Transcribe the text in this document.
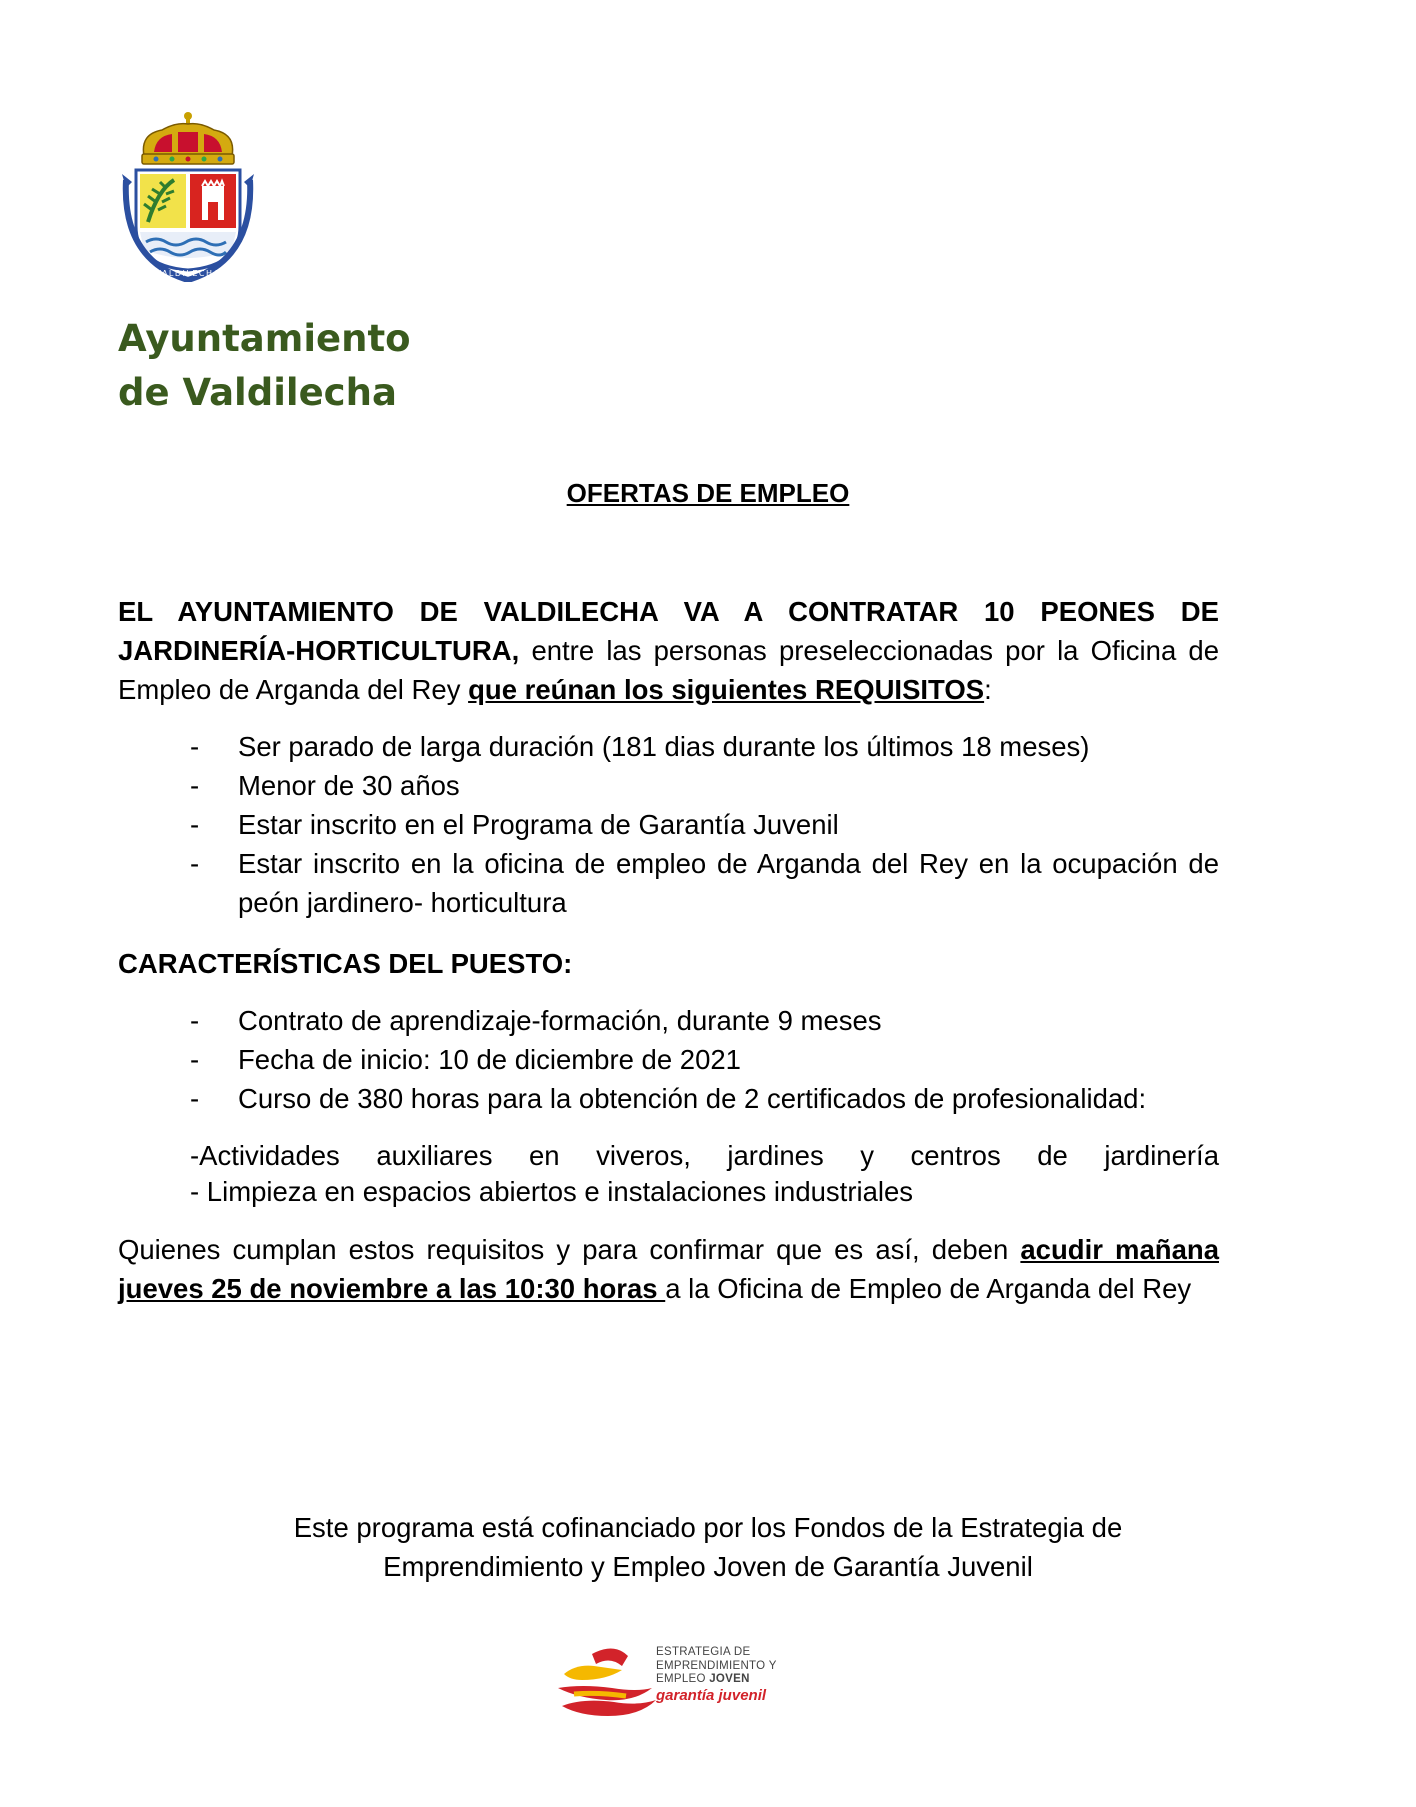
VALDILECHA
Ayuntamiento
de Valdilecha
OFERTAS DE EMPLEO

EL AYUNTAMIENTO DE VALDILECHA VA A CONTRATAR 10 PEONES DE JARDINERÍA-HORTICULTURA, entre las personas preseleccionadas por la Oficina de Empleo de Arganda del Rey que reúnan los siguientes REQUISITOS:

- Ser parado de larga duración (181 dias durante los últimos 18 meses)
- Menor de 30 años
- Estar inscrito en el Programa de Garantía Juvenil
- Estar inscrito en la oficina de empleo de Arganda del Rey en la ocupación de peón jardinero- horticultura

CARACTERÍSTICAS DEL PUESTO:

- Contrato de aprendizaje-formación, durante 9 meses
- Fecha de inicio: 10 de diciembre de 2021
- Curso de 380 horas para la obtención de 2 certificados de profesionalidad:
-Actividades auxiliares en viveros, jardines y centros de jardinería
- Limpieza en espacios abiertos e instalaciones industriales

Quienes cumplan estos requisitos y para confirmar que es así, deben acudir mañana jueves 25 de noviembre a las 10:30 horas a la Oficina de Empleo de Arganda del Rey

Este programa está cofinanciado por los Fondos de la Estrategia de
Emprendimiento y Empleo Joven de Garantía Juvenil
ESTRATEGIA DE
EMPRENDIMIENTO Y
EMPLEO JOVEN
garantía juvenil
